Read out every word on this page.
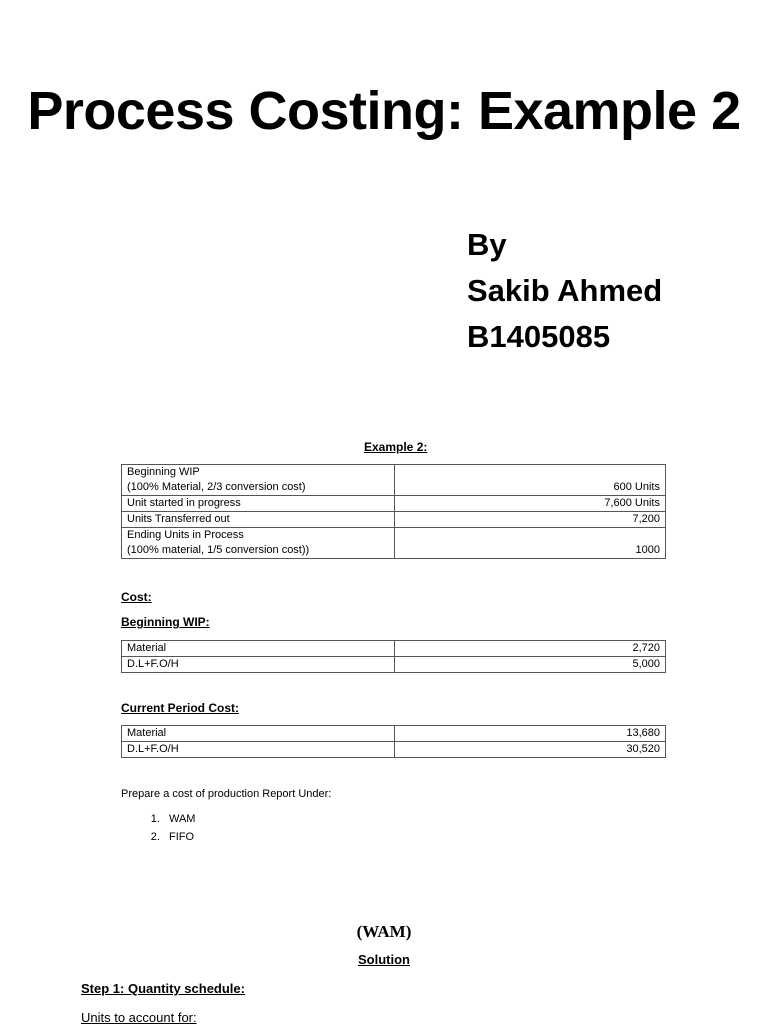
Process Costing: Example 2
By
Sakib Ahmed
B1405085
Example 2:
Beginning WIP
(100% Material, 2/3 conversion cost)	600 Units

Unit started in progress	7,600 Units

Units Transferred out	7,200

Ending Units in Process
(100% material, 1/5 conversion cost))	1000
Cost:
Beginning WIP:
Material	2,720
D.L+F.O/H	5,000
Current Period Cost:
Material	13,680
D.L+F.O/H	30,520
Prepare a cost of production Report Under:
1. WAM
2. FIFO
(WAM)
Solution
Step 1: Quantity schedule:
Units to account for:
